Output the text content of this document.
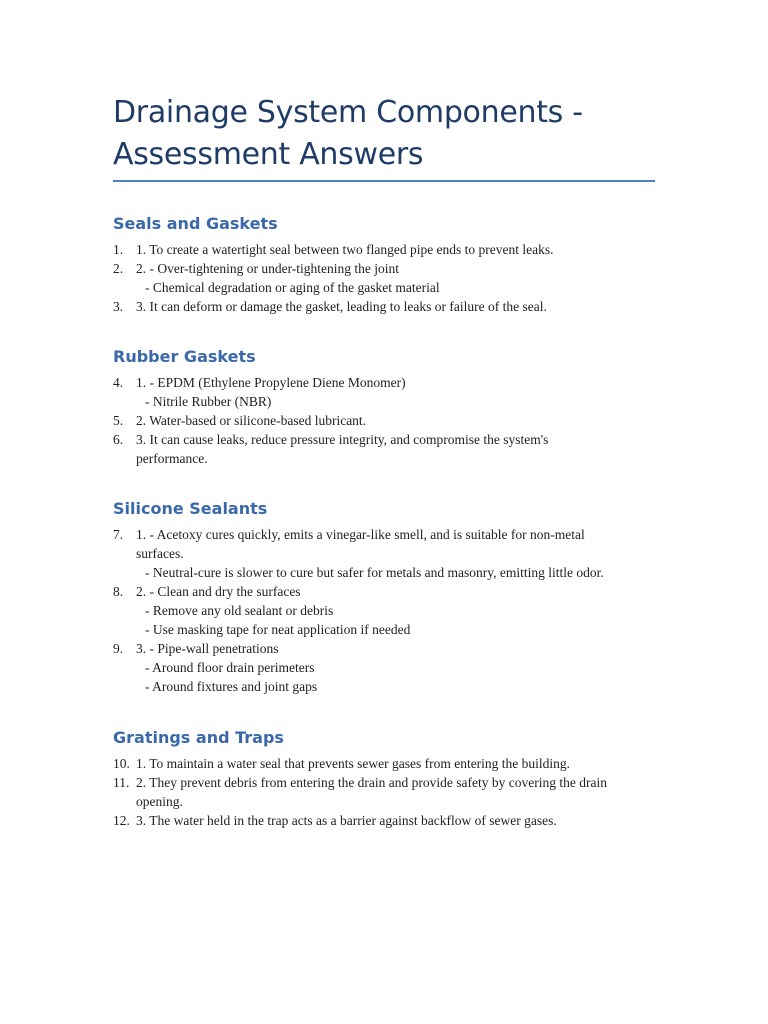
Drainage System Components -
Assessment Answers
Seals and Gaskets
1. 1. To create a watertight seal between two flanged pipe ends to prevent leaks.
2. 2. - Over-tightening or under-tightening the joint
- Chemical degradation or aging of the gasket material
3. 3. It can deform or damage the gasket, leading to leaks or failure of the seal.
Rubber Gaskets
4. 1. - EPDM (Ethylene Propylene Diene Monomer)
- Nitrile Rubber (NBR)
5. 2. Water-based or silicone-based lubricant.
6. 3. It can cause leaks, reduce pressure integrity, and compromise the system's
performance.
Silicone Sealants
7. 1. - Acetoxy cures quickly, emits a vinegar-like smell, and is suitable for non-metal
surfaces.
- Neutral-cure is slower to cure but safer for metals and masonry, emitting little odor.
8. 2. - Clean and dry the surfaces
- Remove any old sealant or debris
- Use masking tape for neat application if needed
9. 3. - Pipe-wall penetrations
- Around floor drain perimeters
- Around fixtures and joint gaps
Gratings and Traps
10. 1. To maintain a water seal that prevents sewer gases from entering the building.
11. 2. They prevent debris from entering the drain and provide safety by covering the drain
opening.
12. 3. The water held in the trap acts as a barrier against backflow of sewer gases.
